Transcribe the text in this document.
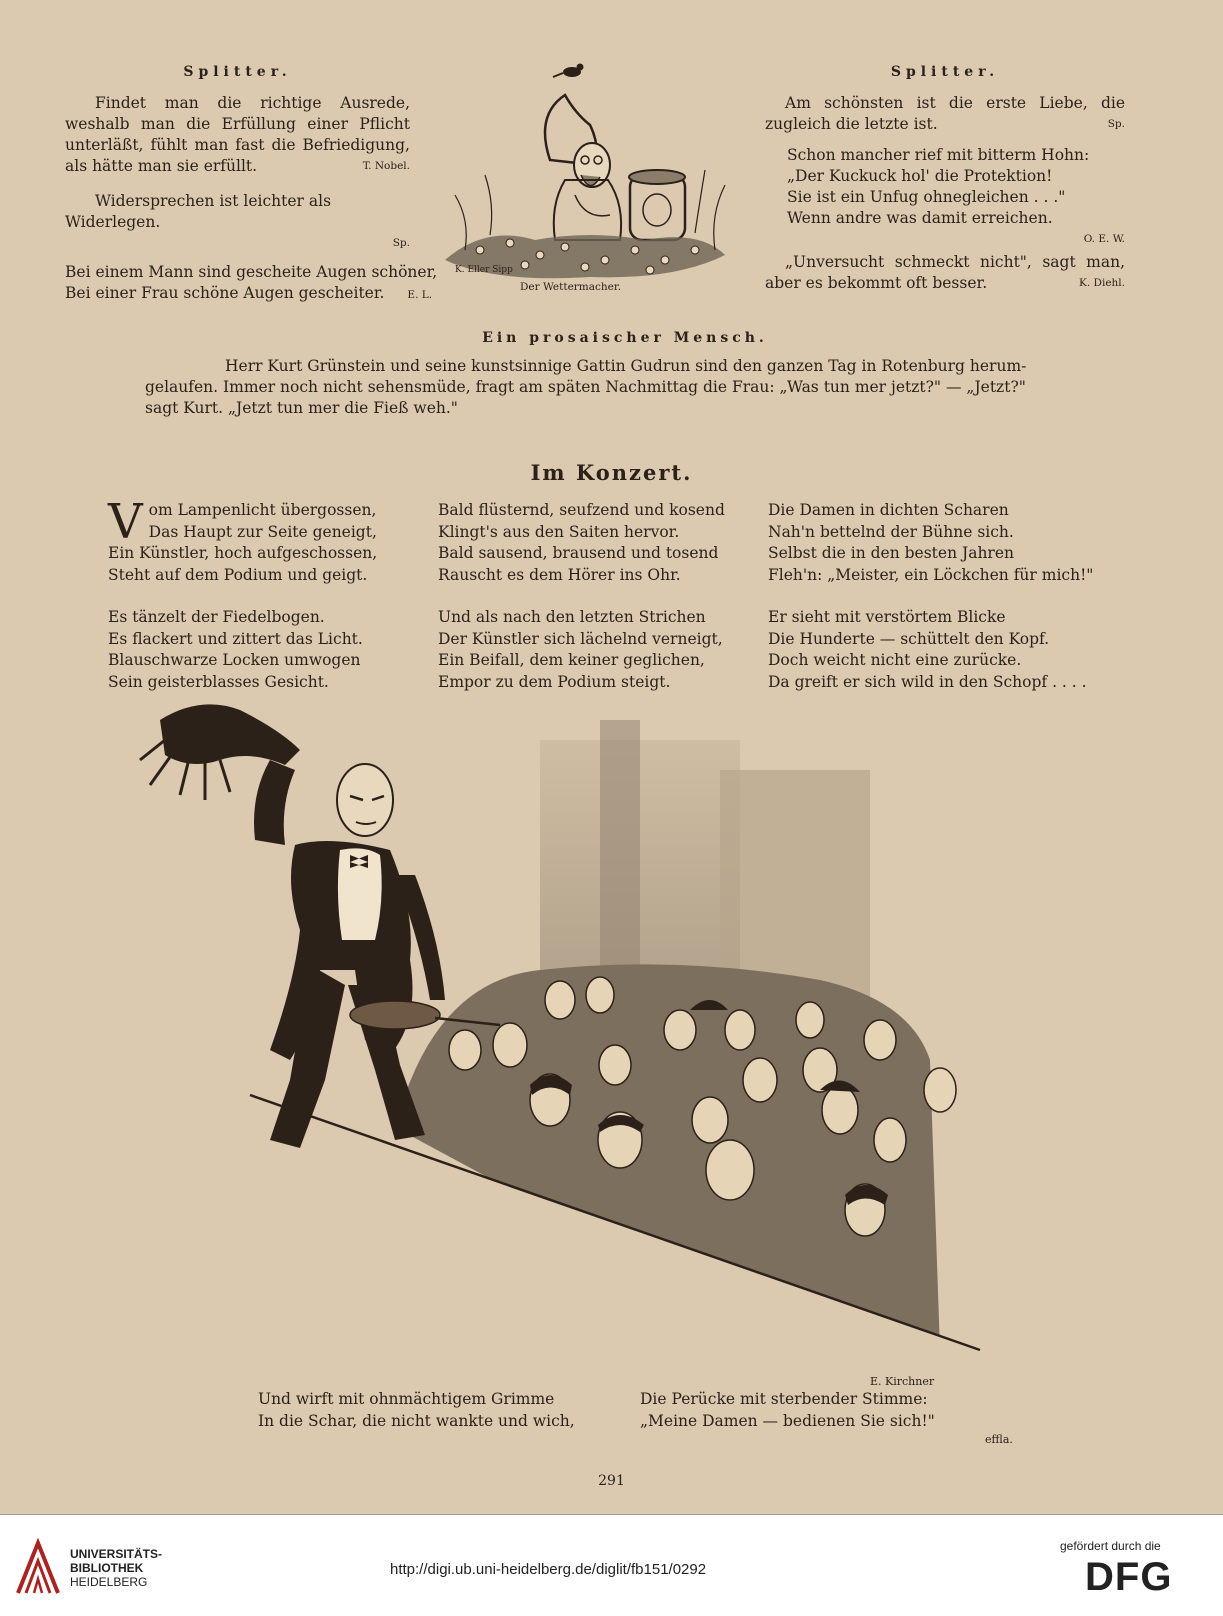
Splitter.

Findet man die richtige Ausrede, weshalb man die Erfüllung einer Pflicht unterläßt, fühlt man fast die Befriedigung, als hätte man sie erfüllt.	T. Nobel.

Widersprechen ist leichter als Widerlegen.

Sp.

Bei einem Mann sind gescheite Augen schöner,

Bei einer Frau schöne Augen gescheiter. E. L.

K. Eller Sipp
Der Wettermacher.
Splitter.

Am schönsten ist die erste Liebe, die zugleich die letzte ist.	Sp.

Schon mancher rief mit bitterm Hohn:

„Der Kuckuck hol' die Protektion!

Sie ist ein Unfug ohnegleichen . . ."

Wenn andre was damit erreichen.

O. E. W.

„Unversucht schmeckt nicht", sagt man, aber es bekommt oft besser.	K. Diehl.

Ein prosaischer Mensch.

Herr Kurt Grünstein und seine kunstsinnige Gattin Gudrun sind den ganzen Tag in Rotenburg herum-

gelaufen. Immer noch nicht sehensmüde, fragt am späten Nachmittag die Frau: „Was tun mer jetzt?" — „Jetzt?"

sagt Kurt. „Jetzt tun mer die Fieß weh."

Im Konzert.
V om Lampenlicht übergossen,

Das Haupt zur Seite geneigt,

Ein Künstler, hoch aufgeschossen,

Steht auf dem Podium und geigt.

Es tänzelt der Fiedelbogen.

Es flackert und zittert das Licht.

Blauschwarze Locken umwogen

Sein geisterblasses Gesicht.

Bald flüsternd, seufzend und kosend

Klingt's aus den Saiten hervor.

Bald sausend, brausend und tosend

Rauscht es dem Hörer ins Ohr.

Und als nach den letzten Strichen

Der Künstler sich lächelnd verneigt,

Ein Beifall, dem keiner geglichen,

Empor zu dem Podium steigt.

Die Damen in dichten Scharen

Nah'n bettelnd der Bühne sich.

Selbst die in den besten Jahren

Fleh'n: „Meister, ein Löckchen für mich!"

Er sieht mit verstörtem Blicke

Die Hunderte — schüttelt den Kopf.

Doch weicht nicht eine zurücke.

Da greift er sich wild in den Schopf . . . .

E. Kirchner

Und wirft mit ohnmächtigem Grimme

In die Schar, die nicht wankte und wich,

Die Perücke mit sterbender Stimme:

„Meine Damen — bedienen Sie sich!"

effla.
291
UNIVERSITÄTS-
BIBLIOTHEK
HEIDELBERG
http://digi.ub.uni-heidelberg.de/diglit/fb151/0292
gefördert durch die
DFG
